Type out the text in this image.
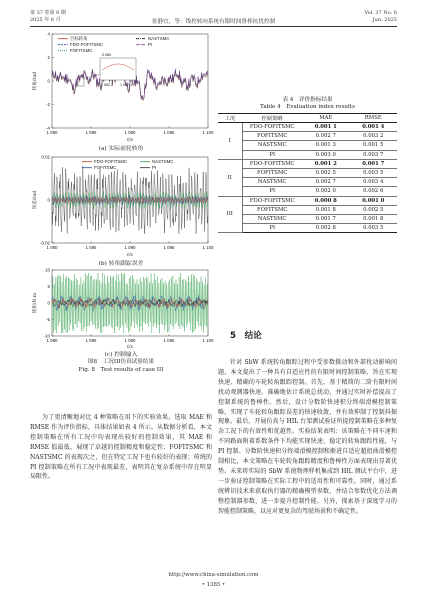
第 37 卷第 6 期
2025 年 6 月	张静宜，等：线控转向系统有限时间鲁棒抗扰控制
Vol. 37 No. 6
Jun. 2025
4
2
0
-2
-4
1 080	1 085	1 090	1 095	1 100
转角/rad
t/s
目标转角
FDO-FOFITSMC
FOFITSMC
NASTSMC
PI
0.085
1 082.2 1 082.3
(a) 实际前轮转角
0.02
0
-0.02
1 080	1 085	1 090	1 095	1 100
误差/rad
t/s
FDO-FOFITSMC
FOFITSMC
NASTSMC
PI
(b) 转角跟踪误差
10
5
0
-5
-10
1 080	1 085	1 090	1 095	1 100
转矩/N·m
t/s
(c) 控制输入
图8　工况III仿真试验结果
Fig. 8　Test results of case III
为了更清晰地对比 4 种策略在用下的实验效果，选取 MAE 和 RMSE 作为评价指标，具体结果如表 4 所示。从数据分析看，本文控制策略在所有工况中均表现出较好的控制效果，其 MAE 和 RMSE 值最低，展现了卓越的控制精度和稳定性；FOFITSMC 和 NASTSMC 的表现次之，但在特定工况下也有较好的表现；传统的 PI 控制策略在所有工况中表现最差，表明其在复杂系统中存在明显局限性。
表 4　评价指标结果
Table 4　Evaluation index results
工况	控制策略	MAE	RMSE
I	FDO-FOFITSMC	0.001 1	0.001 4
	FOFITSMC	0.002 7	0.003 2
	NASTSMC	0.001 3	0.001 5
	PI	0.003 0	0.003 7
II	FDO-FOFITSMC	0.001 2	0.001 7
	FOFITSMC	0.002 5	0.003 5
	NASTSMC	0.002 7	0.003 4
	PI	0.002 0	0.002 6
III	FDO-FOFITSMC	0.000 8	0.001 0
	FOFITSMC	0.001 8	0.002 5
	NASTSMC	0.001 7	0.001 8
	PI	0.002 8	0.003 5
5　结论
针对 SbW 系统转角跟踪过程中受参数摄动和外部扰动影响问题，本文提出了一种具有自适应性的有限时间控制策略，旨在实现快速、精确的车轮转角跟踪控制。首先，基于精简的二阶有限时间扰动观测器快速、准确地估计系统总扰动，并通过实时补偿提高了控制系统的鲁棒性。然后，设计分数阶快速积分终端滑模控制策略，实现了车轮转角跟踪误差的快速收敛，并有效抑制了控制抖振现象。最后，开展仿真与 HIL 台架测试验证所提控制策略在多种复杂工况下的有效性和优越性。实验结果表明：该策略在不同车速和不同路面附着系数条件下均能实现快速、稳定的转角跟踪性能，与 PI 控制、分数阶快速积分终端滑模控制和渐进自适应超扭曲滑模控制相比，本文策略在车轮转角跟踪精度和鲁棒性方面表现出显著优势。未来将实际的 SbW 系统物理样机集成到 HIL 测试平台中，进一步验证控制策略在实际工程中的适用性和可靠性。同时，通过系统辨识技术来获取执行器的精确模型参数，并结合参数优化方法调整控制器参数，进一步提升控制性能。另外，探索基于深度学习的智能控制策略，以应对更复杂的驾驶场景和不确定性。
http://www.china-simulation.com
• 1385 •
